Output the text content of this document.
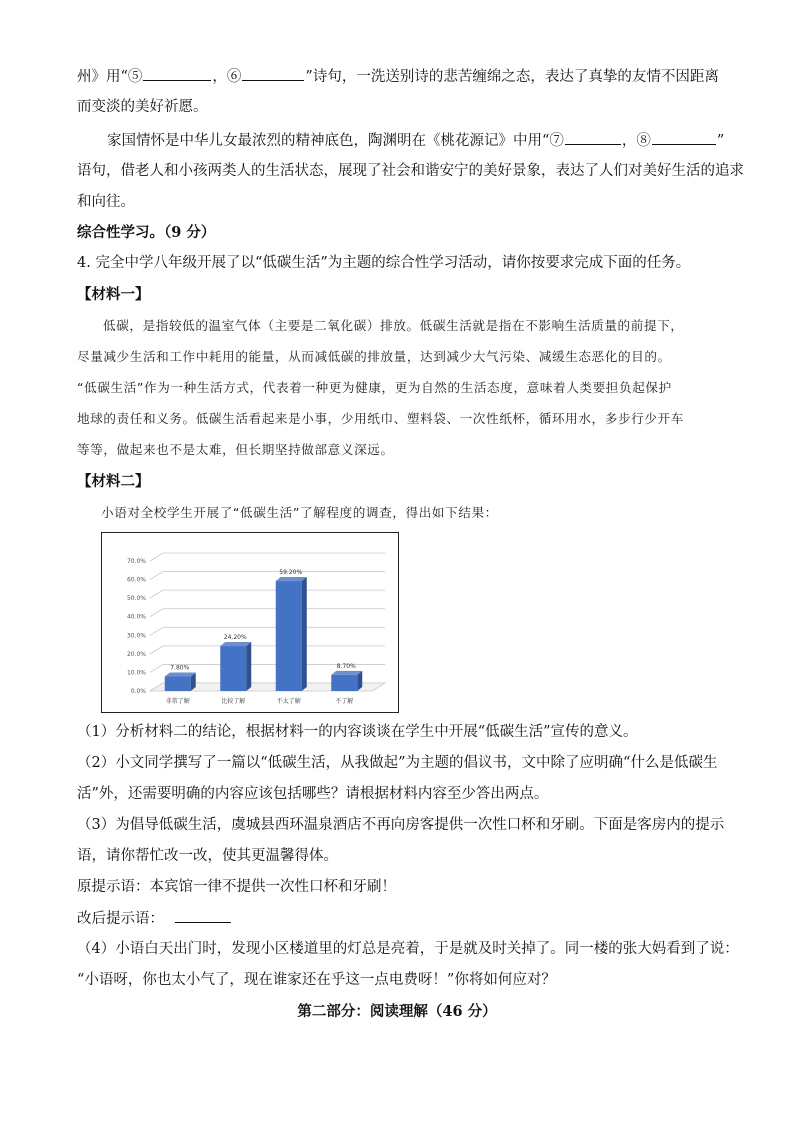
州》用“⑤	，⑥	”诗句，一洗送别诗的悲苦缠绵之态，表达了真挚的友情不因距离
而变淡的美好祈愿。
家国情怀是中华儿女最浓烈的精神底色，陶渊明在《桃花源记》中用“⑦	，⑧	”
语句，借老人和小孩两类人的生活状态，展现了社会和谐安宁的美好景象，表达了人们对美好生活的追求
和向往。
综合性学习。（9 分）
4. 完全中学八年级开展了以“低碳生活”为主题的综合性学习活动，请你按要求完成下面的任务。
【材料一】
低碳，是指较低的温室气体（主要是二氧化碳）排放。低碳生活就是指在不影响生活质量的前提下，
尽量减少生活和工作中耗用的能量，从而减低碳的排放量，达到减少大气污染、减缓生态恶化的目的。
“低碳生活”作为一种生活方式，代表着一种更为健康，更为自然的生活态度，意味着人类要担负起保护
地球的责任和义务。低碳生活看起来是小事，少用纸巾、塑料袋、一次性纸杯，循环用水，多步行少开车
等等，做起来也不是太难，但长期坚持做部意义深远。
【材料二】
小语对全校学生开展了“低碳生活”了解程度的调查，得出如下结果：
0.0%
10.0%
20.0%
30.0%
40.0%
50.0%
60.0%
70.0%
7.80%
非常了解
24.20%
比较了解
59.20%
不太了解
8.70%
不了解
（1）分析材料二的结论，根据材料一的内容谈谈在学生中开展“低碳生活”宣传的意义。
（2）小文同学撰写了一篇以“低碳生活，从我做起”为主题的倡议书，文中除了应明确“什么是低碳生
活”外，还需要明确的内容应该包括哪些？请根据材料内容至少答出两点。
（3）为倡导低碳生活，虞城县西环温泉酒店不再向房客提供一次性口杯和牙刷。下面是客房内的提示
语，请你帮忙改一改，使其更温馨得体。
原提示语：本宾馆一律不提供一次性口杯和牙刷！
改后提示语：
（4）小语白天出门时，发现小区楼道里的灯总是亮着，于是就及时关掉了。同一楼的张大妈看到了说：
“小语呀，你也太小气了，现在谁家还在乎这一点电费呀！”你将如何应对？
第二部分：阅读理解（46 分）
